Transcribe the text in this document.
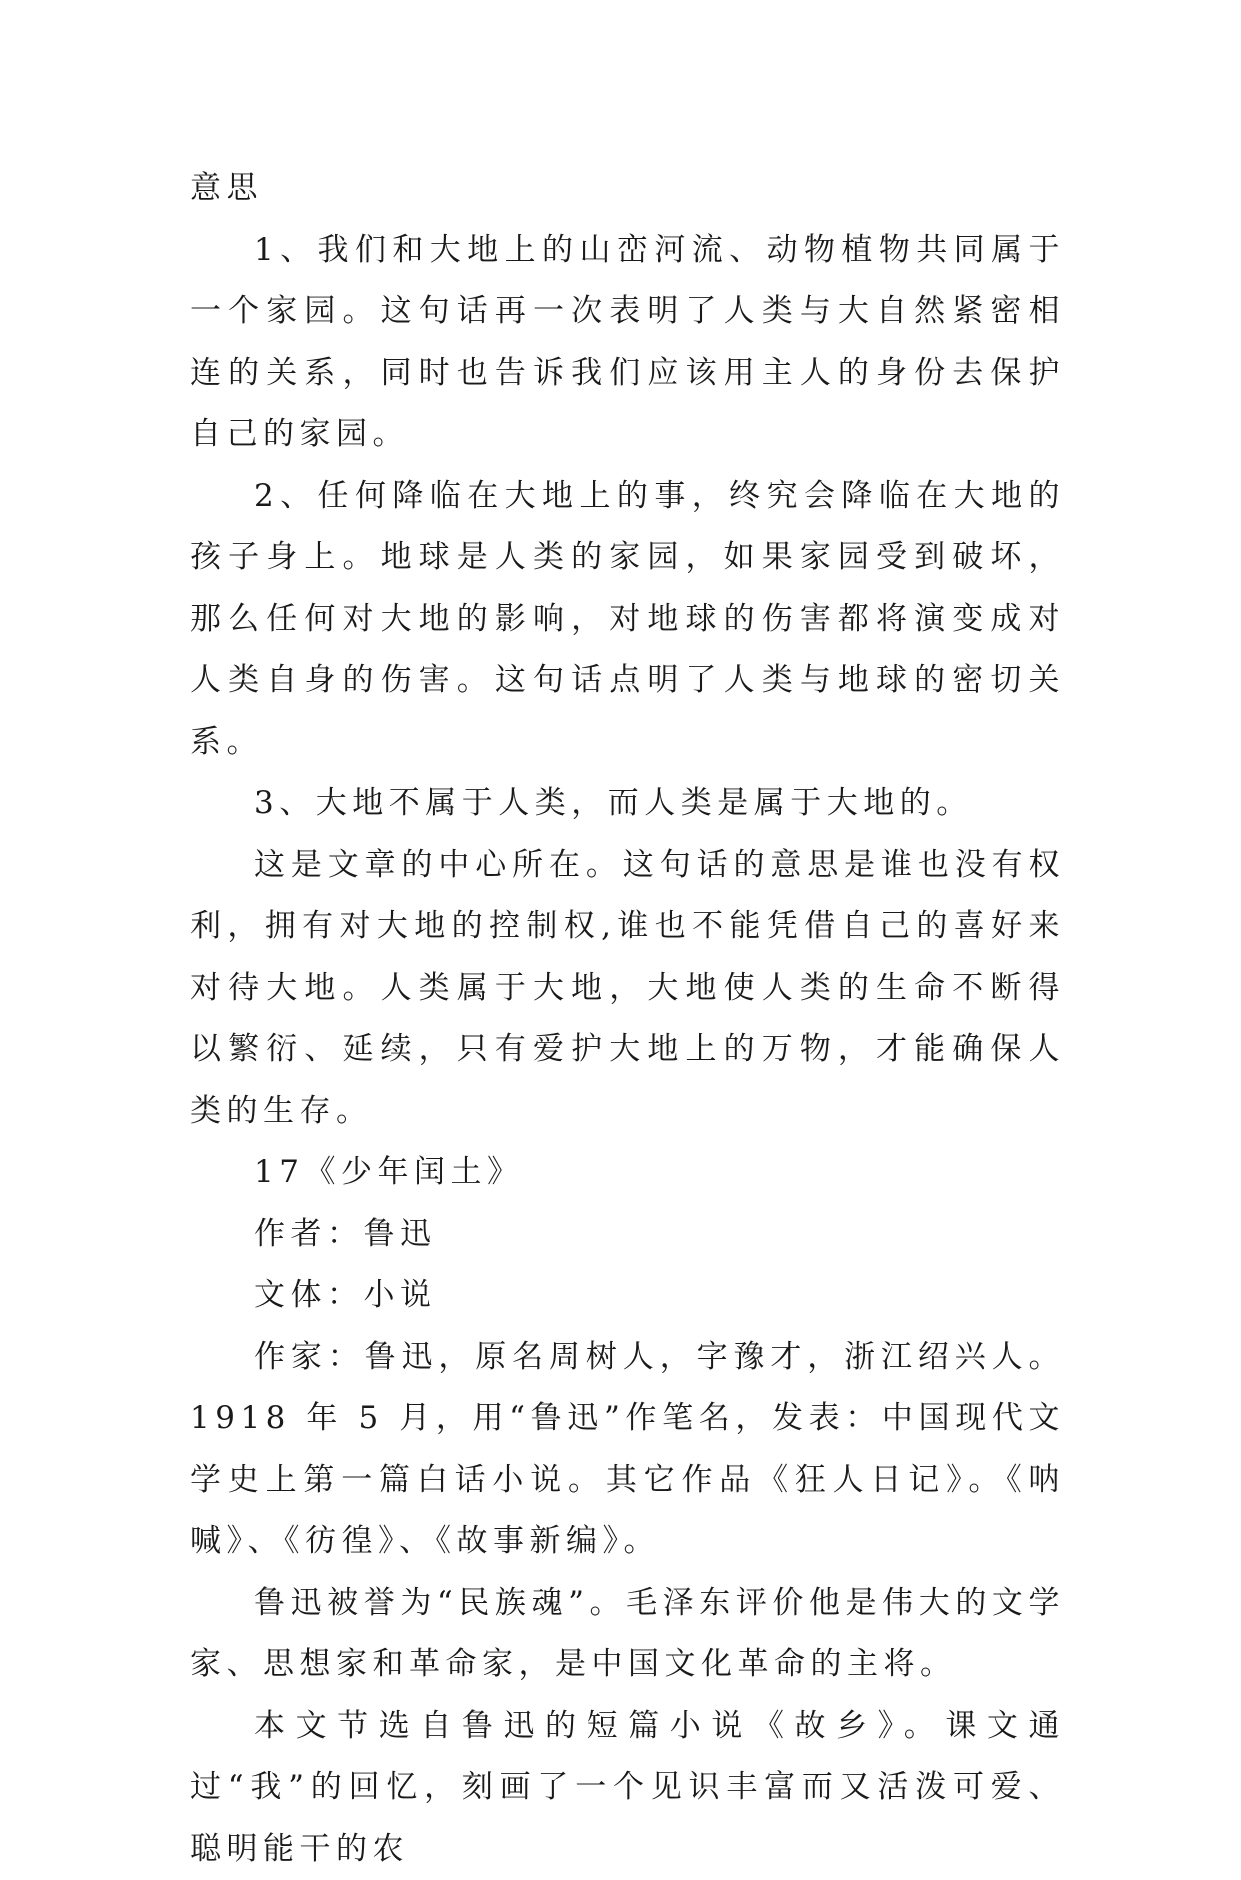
意思

1、我们和大地上的山峦河流、动物植物共同属于一个家园。这句话再一次表明了人类与大自然紧密相连的关系，同时也告诉我们应该用主人的身份去保护自己的家园。

2、任何降临在大地上的事，终究会降临在大地的孩子身上。地球是人类的家园，如果家园受到破坏，那么任何对大地的影响，对地球的伤害都将演变成对人类自身的伤害。这句话点明了人类与地球的密切关系。

3、大地不属于人类，而人类是属于大地的。

这是文章的中心所在。这句话的意思是谁也没有权利，拥有对大地的控制权,谁也不能凭借自己的喜好来对待大地。人类属于大地，大地使人类的生命不断得以繁衍、延续，只有爱护大地上的万物，才能确保人类的生存。

17《少年闰土》

作者：鲁迅

文体：小说

作家：鲁迅，原名周树人，字豫才，浙江绍兴人。1918 年 5 月，用“鲁迅”作笔名，发表：中国现代文学史上第一篇白话小说。其它作品《狂人日记》。《呐喊》、《彷徨》、《故事新编》。

鲁迅被誉为“民族魂”。毛泽东评价他是伟大的文学家、思想家和革命家，是中国文化革命的主将。

本文节选自鲁迅的短篇小说《故乡》。课文通过“我”的回忆，刻画了一个见识丰富而又活泼可爱、聪明能干的农
